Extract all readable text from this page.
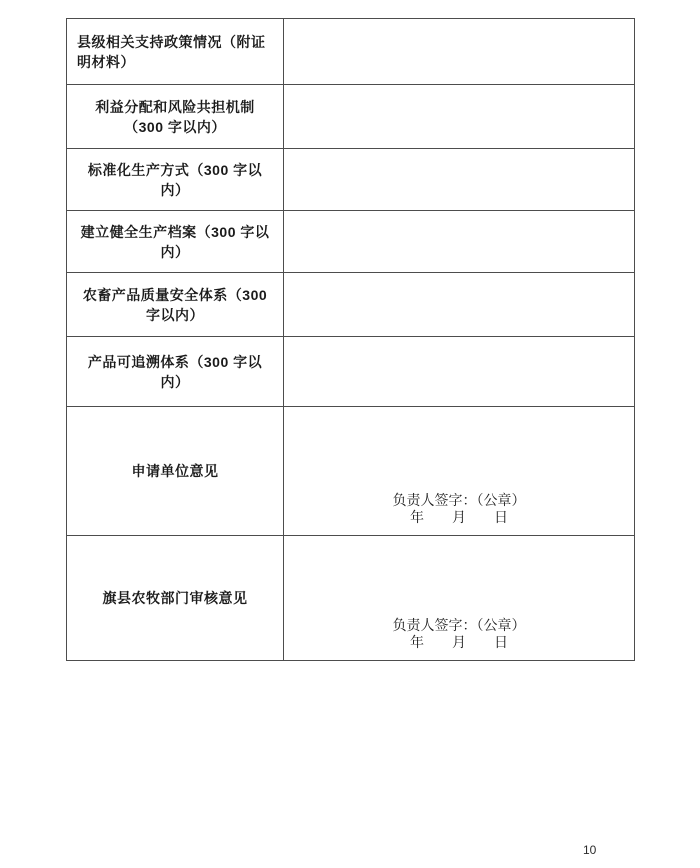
县级相关支持政策情况（附证明材料）	
利益分配和风险共担机制（300 字以内）	
标准化生产方式（300 字以内）	
建立健全生产档案（300 字以内）	
农畜产品质量安全体系（300 字以内）	
产品可追溯体系（300 字以内）	
申请单位意见	负责人签字：（公章）
年　　月　　日

旗县农牧部门审核意见	负责人签字：（公章）
年　　月　　日
10
